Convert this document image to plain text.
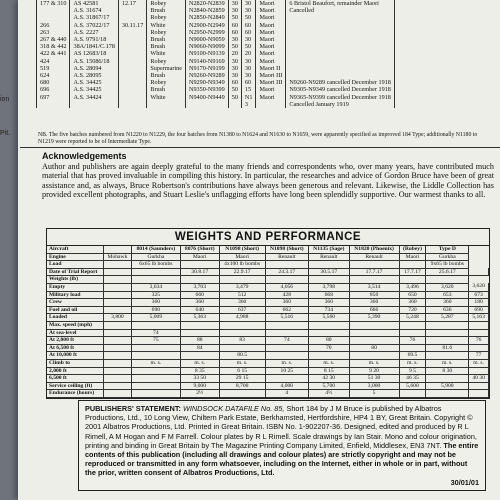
ion
Pit.
177 & 310	AS 42581	12.17	Robey	N2820-N2839	30	30	Maori	6 Bristol Beaufort, remainder Maori
	A.S. 31674		Brush	N2840-N2859	30	30	Maori	Cancelled
	A.S. 31867/17		Robey	N2850-N2849	50	50	Maori	
266	A.S. 37022/17	30.11.17	White	N2900-N2949	60	60	Maori	
263	A.S. 2227		Robey	N2950-N2999	60	60	Maori	
267 & 440	A.S. 9791/18		Brush	N9000-N9059	30	30	Maori	
318 & 442	38A/1841/C.178		Brush	N9060-N9099	50	50	Maori	
422 & 441	AS 12683/18		White	N9100-N9139	20	20	Maori	
424	A.S. 15086/18		Robey	N9140-N9169	30	30	Maori	
519	A.S. 28094		Supermarine	N9170-N9199	30	30	Maori II	
624	A.S. 28095		Brush	N9260-N9289	30	30	Maori III	
680	A.S. 34425		Robey	N9290-N9349	60	60	Maori III	N9260-N9289 cancelled December 1918
696	A.S. 34425		Brush	N9350-N9399	50	15	Maori	N9305-N9349 cancelled December 1918
697	A.S. 34424		White	N9400-N9449	50	N1	Maori	N9365-N9399 cancelled December 1918
						3		Cancelled January 1919
NB. The five batches numbered from N1220 to N1229, the four batches from N1380 to N1624 and N1630 to N1659, were apparently specified as improved 184 Type; additionally N1180 to N1219 were reported to be of Intermediate Type.
Acknowledgements
Author and publishers are again deeply grateful to the many friends and correspondents who, over many years, have contributed much material that has proved invaluable in compiling this history. In particular, the researches and advice of Gordon Bruce have been of great assistance and, as always, Bruce Robertson's contributions have always been generous and relevant. Likewise, the Liddle Collection has provided excellent photographs, and Stuart Leslie's unflagging efforts have long been splendidly supportive. Our warmest thanks to all.
WEIGHTS AND PERFORMANCE
Aircraft		8014 (Saunders)	8076 (Short)	N1098 (Short)	N1098 (Short)	N1135 (Sage)	N1820 (Phoenix)	(Robey)	Type D	
Engine	Mohawk	Gurkha	Maori	Maori	Renault	Renault	Renault	Maori	Gurkha	
Load		6x65 lb bombs		4x100 lb bombs					9x65 lb bombs	
Date of Trial Report			30.8.17	22.9.17	24.3.17	30.5.17	17.7.17	17.7.17	25.6.17	
Weights (lb)										
Empty		3,634	3,703	3,479	4,056	3,798	3,514	3,496	3,620	3,620
Military load		325	660	512	428	668	850	650	653	673
Crew		360	360	360	360	360	360	360	360	180
Fuel and oil		690	640	637	662	734	666	720	636	690
Loaded	3,800	5,009	5,363	4,988	5,516	5,560	5,390	5,248	5,287	5,163
Max. speed (mph)										
At sea-level		74								
At 2,000 ft		75	88	83	74	80		76		76
At 6,500 ft			84			70	80		81.6	
At 10,000 ft				80.5				69.5		77
Climb to		m. s.	m. s.	m. s.	m. s.	m. s.	m. s.	m. s.	m. s.	m. s.
2,000 ft			8 35	6 15	10 25	8 15	9 20	9 5	8 30	
6,500 ft			33 50	29 15		42 30	51 30	46 35		40 30
Service ceiling (ft)			9,000	8,700	4,000	5,700	3,000	5,600	5,900	
Endurance (hours)			2½		4	4½	5			
PUBLISHERS' STATEMENT: WINDSOCK DATAFILE No. 85, Short 184 by J M Bruce is published by Albatros Productions, Ltd., 10 Long View, Chiltern Park Estate, Berkhamsted, Hertfordshire, HP4 1 BY, Great Britain. Copyright © 2001 Albatros Productions, Ltd. Printed in Great Britain. ISBN No. 1-902207-36. Designed, edited and produced by R L Rimell, A M Hogan and F M Farrell. Colour plates by R L Rimell. Scale drawings by Ian Stair. Mono and colour origination, printing and binding in Great Britain by The Magazine Printing Company Limited, Enfield, Middlesex, EN3 7NT. The entire contents of this publication (including all drawings and colour plates) are strictly copyright and may not be reproduced or transmitted in any form whatsoever, including on the Internet, either in whole or in part, without the prior, written consent of Albatros Productions, Ltd.
30/01/01
